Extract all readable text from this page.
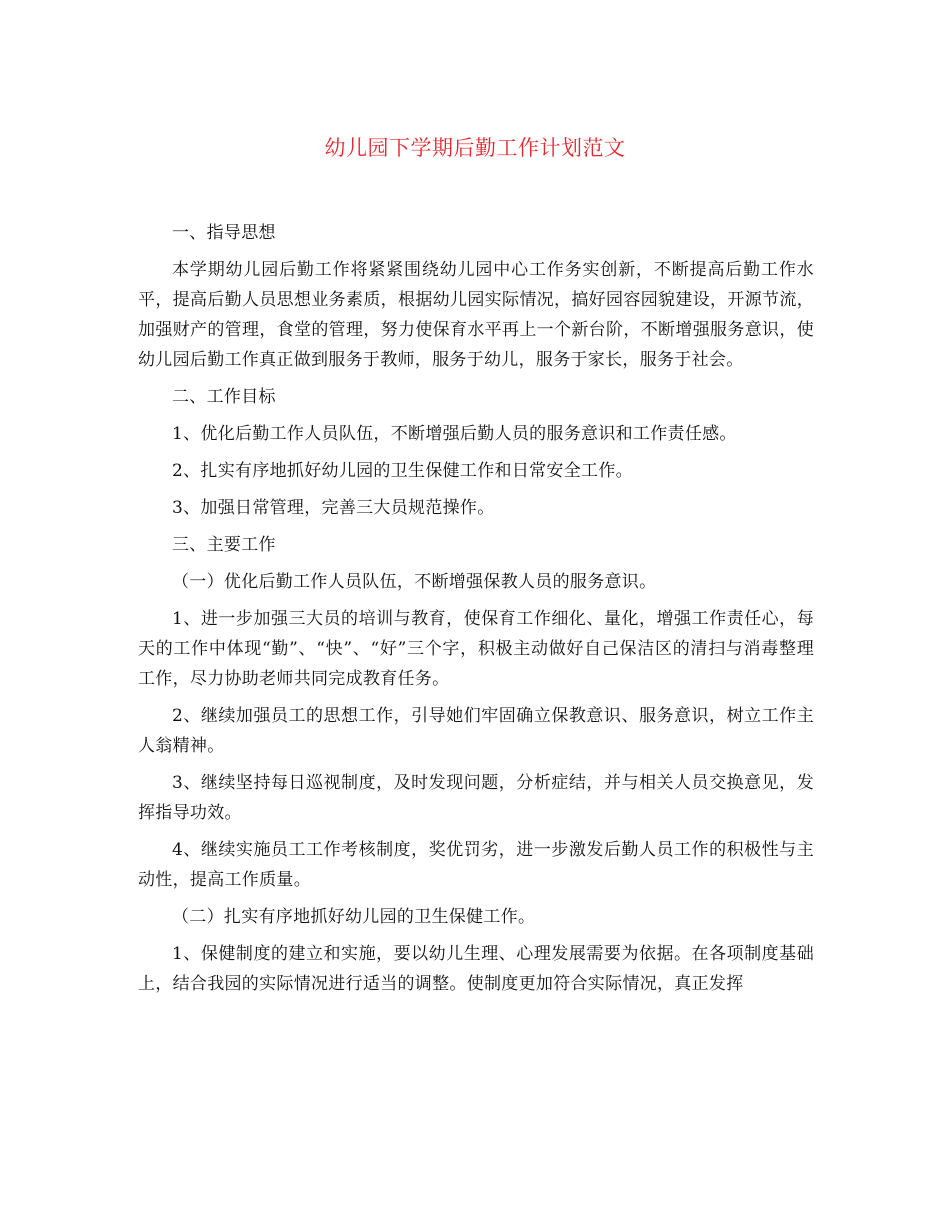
幼儿园下学期后勤工作计划范文

一、指导思想

本学期幼儿园后勤工作将紧紧围绕幼儿园中心工作务实创新，不断提高后勤工作水平，提高后勤人员思想业务素质，根据幼儿园实际情况，搞好园容园貌建设，开源节流，加强财产的管理，食堂的管理，努力使保育水平再上一个新台阶，不断增强服务意识，使幼儿园后勤工作真正做到服务于教师，服务于幼儿，服务于家长，服务于社会。

二、工作目标

1、优化后勤工作人员队伍，不断增强后勤人员的服务意识和工作责任感。

2、扎实有序地抓好幼儿园的卫生保健工作和日常安全工作。

3、加强日常管理，完善三大员规范操作。

三、主要工作

（一）优化后勤工作人员队伍，不断增强保教人员的服务意识。

1、进一步加强三大员的培训与教育，使保育工作细化、量化，增强工作责任心，每天的工作中体现“勤”、“快”、“好”三个字，积极主动做好自己保洁区的清扫与消毒整理工作，尽力协助老师共同完成教育任务。

2、继续加强员工的思想工作，引导她们牢固确立保教意识、服务意识，树立工作主人翁精神。

3、继续坚持每日巡视制度，及时发现问题，分析症结，并与相关人员交换意见，发挥指导功效。

4、继续实施员工工作考核制度，奖优罚劣，进一步激发后勤人员工作的积极性与主动性，提高工作质量。

（二）扎实有序地抓好幼儿园的卫生保健工作。

1、保健制度的建立和实施，要以幼儿生理、心理发展需要为依据。在各项制度基础上，结合我园的实际情况进行适当的调整。使制度更加符合实际情况，真正发挥
